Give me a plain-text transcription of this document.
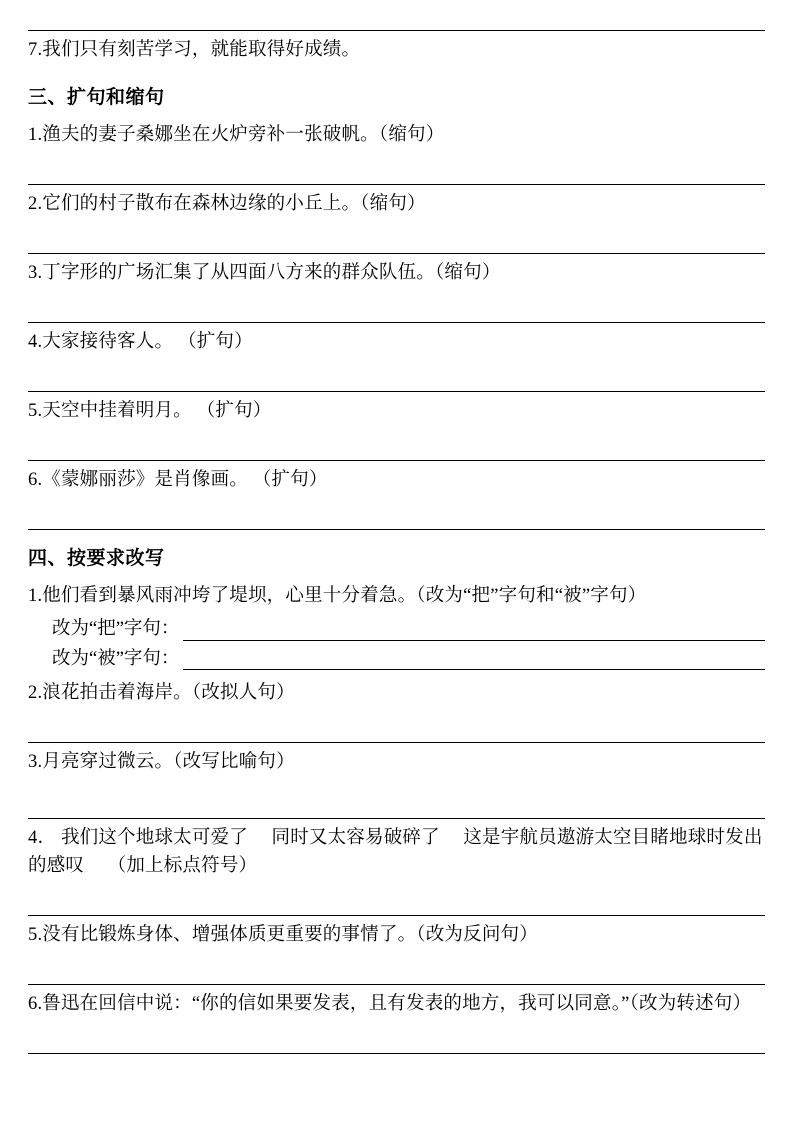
7.我们只有刻苦学习，就能取得好成绩。
三、扩句和缩句
1.渔夫的妻子桑娜坐在火炉旁补一张破帆。（缩句）
2.它们的村子散布在森林边缘的小丘上。（缩句）
3.丁字形的广场汇集了从四面八方来的群众队伍。（缩句）
4.大家接待客人。 （扩句）
5.天空中挂着明月。 （扩句）
6.《蒙娜丽莎》是肖像画。 （扩句）
四、按要求改写
1.他们看到暴风雨冲垮了堤坝，心里十分着急。（改为“把”字句和“被”字句）
改为“把”字句：
改为“被”字句：
2.浪花拍击着海岸。（改拟人句）
3.月亮穿过微云。（改写比喻句）
4． 我们这个地球太可爱了　 同时又太容易破碎了　 这是宇航员遨游太空目睹地球时发出的感叹　 （加上标点符号）
5.没有比锻炼身体、增强体质更重要的事情了。（改为反问句）
6.鲁迅在回信中说：“你的信如果要发表，且有发表的地方，我可以同意。”（改为转述句）
